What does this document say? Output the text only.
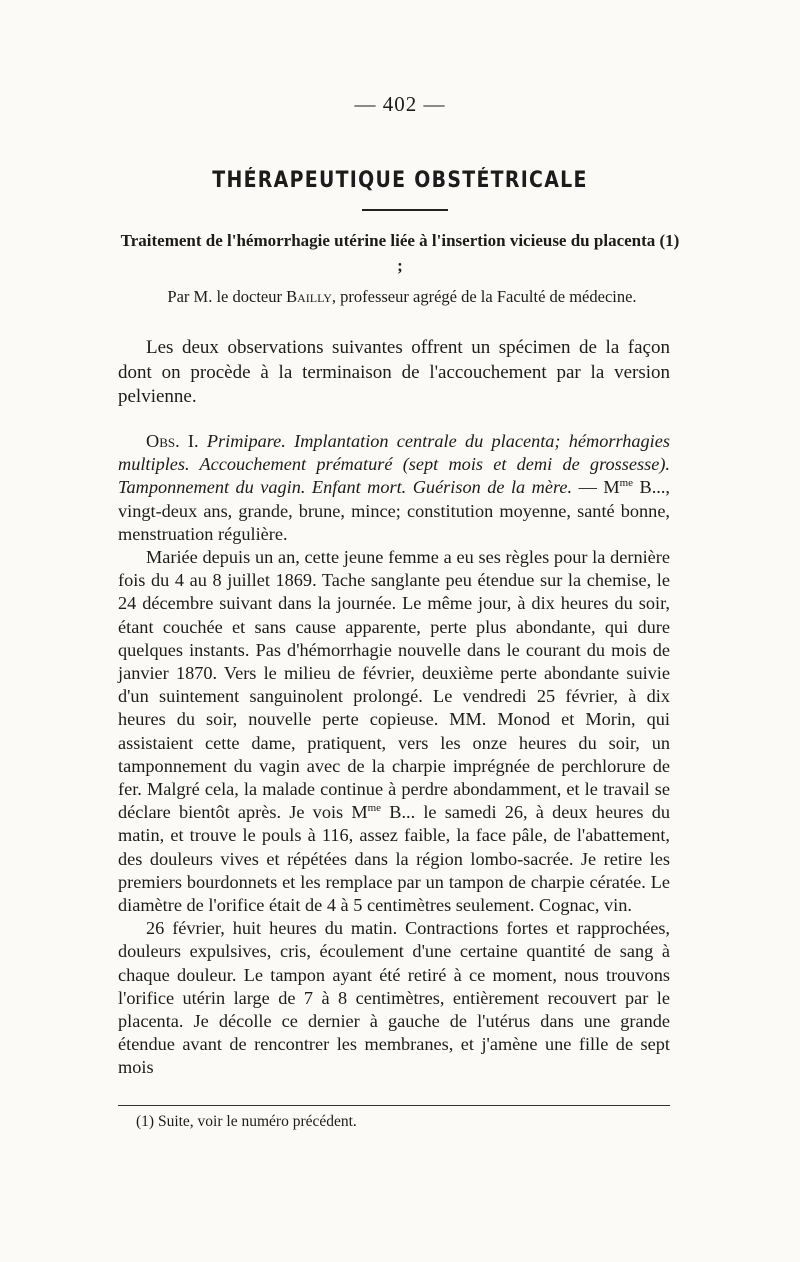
— 402 —
THÉRAPEUTIQUE OBSTÉTRICALE
Traitement de l'hémorrhagie utérine liée à l'insertion vicieuse du placenta (1) ;
Par M. le docteur Bailly, professeur agrégé de la Faculté de médecine.

Les deux observations suivantes offrent un spécimen de la façon dont on procède à la terminaison de l'accouchement par la version pelvienne.

Obs. I. Primipare. Implantation centrale du placenta; hémorrhagies multiples. Accouchement prématuré (sept mois et demi de grossesse). Tamponnement du vagin. Enfant mort. Guérison de la mère. — $M^{me}$ B..., vingt-deux ans, grande, brune, mince; constitution moyenne, santé bonne, menstruation régulière.

Mariée depuis un an, cette jeune femme a eu ses règles pour la dernière fois du 4 au 8 juillet 1869. Tache sanglante peu étendue sur la chemise, le 24 décembre suivant dans la journée. Le même jour, à dix heures du soir, étant couchée et sans cause apparente, perte plus abondante, qui dure quelques instants. Pas d'hémorrhagie nouvelle dans le courant du mois de janvier 1870. Vers le milieu de février, deuxième perte abondante suivie d'un suintement sanguinolent prolongé. Le vendredi 25 février, à dix heures du soir, nouvelle perte copieuse. MM. Monod et Morin, qui assistaient cette dame, pratiquent, vers les onze heures du soir, un tamponnement du vagin avec de la charpie imprégnée de perchlorure de fer. Malgré cela, la malade continue à perdre abondamment, et le travail se déclare bientôt après. Je vois $M^{me}$ B... le samedi 26, à deux heures du matin, et trouve le pouls à 116, assez faible, la face pâle, de l'abattement, des douleurs vives et répétées dans la région lombo-sacrée. Je retire les premiers bourdonnets et les remplace par un tampon de charpie cératée. Le diamètre de l'orifice était de 4 à 5 centimètres seulement. Cognac, vin.

26 février, huit heures du matin. Contractions fortes et rapprochées, douleurs expulsives, cris, écoulement d'une certaine quantité de sang à chaque douleur. Le tampon ayant été retiré à ce moment, nous trouvons l'orifice utérin large de 7 à 8 centimètres, entièrement recouvert par le placenta. Je décolle ce dernier à gauche de l'utérus dans une grande étendue avant de rencontrer les membranes, et j'amène une fille de sept mois

(1) Suite, voir le numéro précédent.
